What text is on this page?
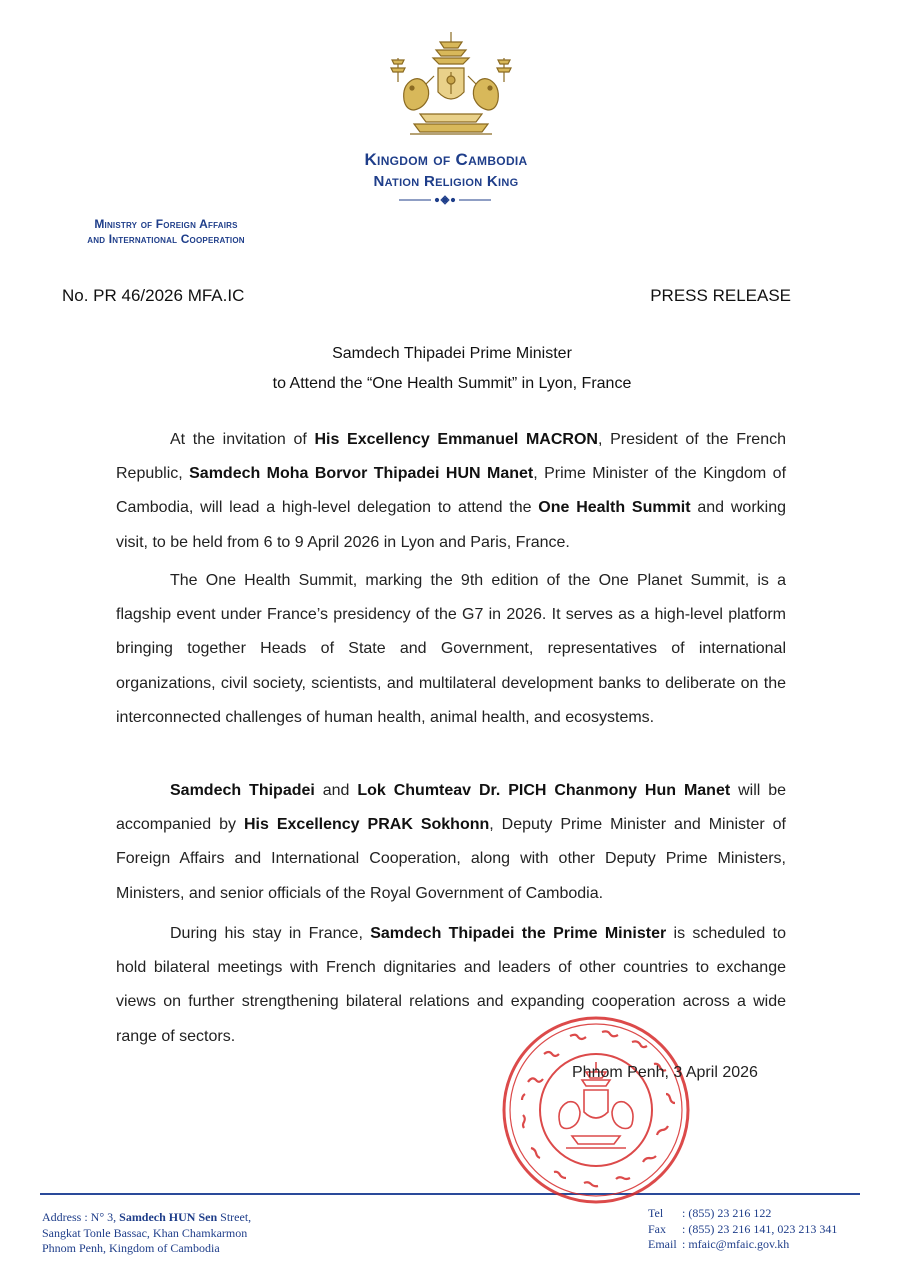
Kingdom of Cambodia
Nation Religion King
Ministry of Foreign Affairs
and International Cooperation
No. PR 46/2026 MFA.IC	PRESS RELEASE
Samdech Thipadei Prime Minister
to Attend the “One Health Summit” in Lyon, France

At the invitation of His Excellency Emmanuel MACRON, President of the French Republic, Samdech Moha Borvor Thipadei HUN Manet, Prime Minister of the Kingdom of Cambodia, will lead a high-level delegation to attend the One Health Summit and working visit, to be held from 6 to 9 April 2026 in Lyon and Paris, France.

The One Health Summit, marking the 9th edition of the One Planet Summit, is a flagship event under France’s presidency of the G7 in 2026. It serves as a high-level platform bringing together Heads of State and Government, representatives of international organizations, civil society, scientists, and multilateral development banks to deliberate on the interconnected challenges of human health, animal health, and ecosystems.

Samdech Thipadei and Lok Chumteav Dr. PICH Chanmony Hun Manet will be accompanied by His Excellency PRAK Sokhonn, Deputy Prime Minister and Minister of Foreign Affairs and International Cooperation, along with other Deputy Prime Ministers, Ministers, and senior officials of the Royal Government of Cambodia.

During his stay in France, Samdech Thipadei the Prime Minister is scheduled to hold bilateral meetings with French dignitaries and leaders of other countries to exchange views on further strengthening bilateral relations and expanding cooperation across a wide range of sectors.

Phnom Penh, 3 April 2026
Address : N° 3, Samdech HUN Sen Street,
Sangkat Tonle Bassac, Khan Chamkarmon
Phnom Penh, Kingdom of Cambodia
Tel : (855) 23 216 122
Fax : (855) 23 216 141, 023 213 341
Email : mfaic@mfaic.gov.kh
